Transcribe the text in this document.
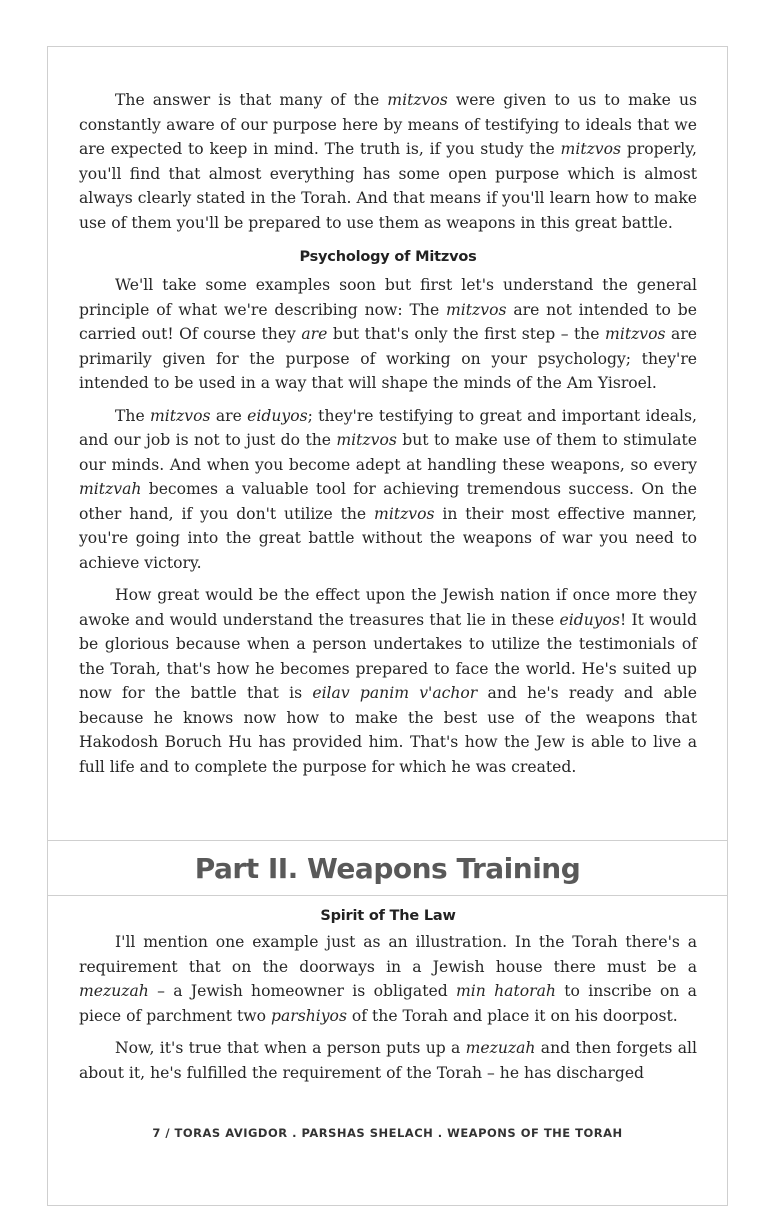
The answer is that many of the mitzvos were given to us to make us constantly aware of our purpose here by means of testifying to ideals that we are expected to keep in mind. The truth is, if you study the mitzvos properly, you'll find that almost everything has some open purpose which is almost always clearly stated in the Torah. And that means if you'll learn how to make use of them you'll be prepared to use them as weapons in this great battle.

Psychology of Mitzvos

We'll take some examples soon but first let's understand the general principle of what we're describing now: The mitzvos are not intended to be carried out! Of course they are but that's only the first step – the mitzvos are primarily given for the purpose of working on your psychology; they're intended to be used in a way that will shape the minds of the Am Yisroel.

The mitzvos are eiduyos; they're testifying to great and important ideals, and our job is not to just do the mitzvos but to make use of them to stimulate our minds. And when you become adept at handling these weapons, so every mitzvah becomes a valuable tool for achieving tremendous success. On the other hand, if you don't utilize the mitzvos in their most effective manner, you're going into the great battle without the weapons of war you need to achieve victory.

How great would be the effect upon the Jewish nation if once more they awoke and would understand the treasures that lie in these eiduyos! It would be glorious because when a person undertakes to utilize the testimonials of the Torah, that's how he becomes prepared to face the world. He's suited up now for the battle that is eilav panim v'achor and he's ready and able because he knows now how to make the best use of the weapons that Hakodosh Boruch Hu has provided him. That's how the Jew is able to live a full life and to complete the purpose for which he was created.

Part II. Weapons Training
Spirit of The Law

I'll mention one example just as an illustration. In the Torah there's a requirement that on the doorways in a Jewish house there must be a mezuzah – a Jewish homeowner is obligated min hatorah to inscribe on a piece of parchment two parshiyos of the Torah and place it on his doorpost.

Now, it's true that when a person puts up a mezuzah and then forgets all about it, he's fulfilled the requirement of the Torah – he has discharged

7 / TORAS AVIGDOR . PARSHAS SHELACH . WEAPONS OF THE TORAH
